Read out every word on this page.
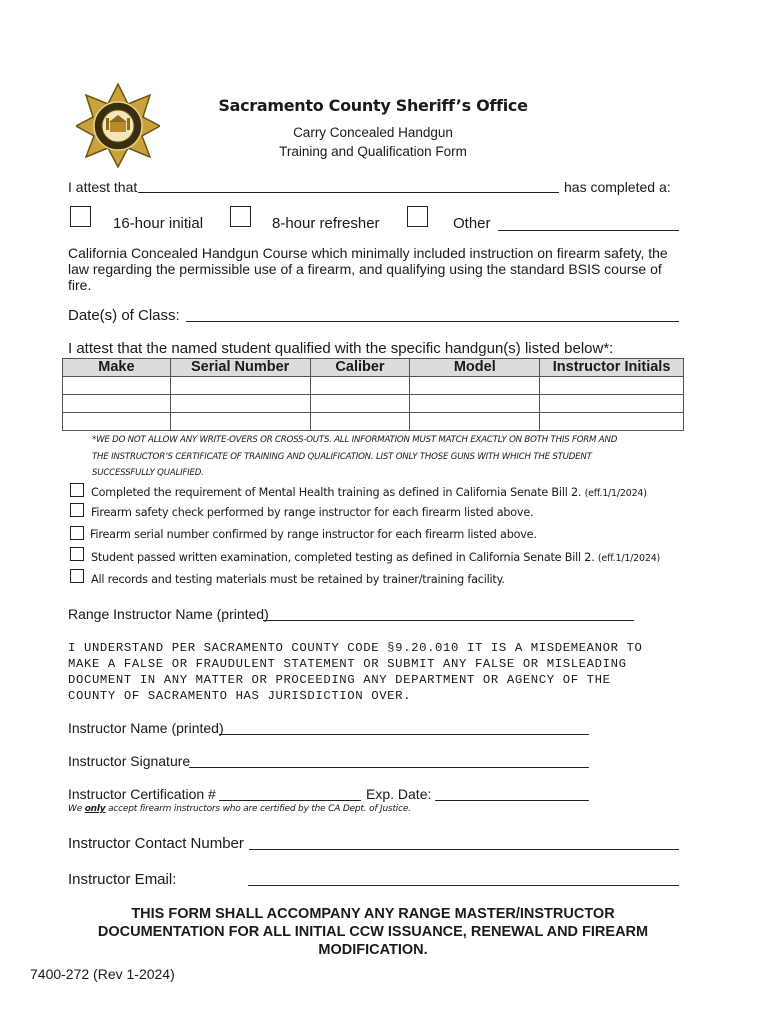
Sacramento County Sheriff’s Office
Carry Concealed Handgun
Training and Qualification Form
I attest that	has completed a:
16-hour initial	8-hour refresher	Other
California Concealed Handgun Course which minimally included instruction on firearm safety, the law regarding the permissible use of a firearm, and qualifying using the standard BSIS course of fire.
Date(s) of Class:
I attest that the named student qualified with the specific handgun(s) listed below*:
Make	Serial Number	Caliber	Model	Instructor Initials

*WE DO NOT ALLOW ANY WRITE-OVERS OR CROSS-OUTS. ALL INFORMATION MUST MATCH EXACTLY ON BOTH THIS FORM AND
THE INSTRUCTOR’S CERTIFICATE OF TRAINING AND QUALIFICATION. LIST ONLY THOSE GUNS WITH WHICH THE STUDENT
SUCCESSFULLY QUALIFIED.
Completed the requirement of Mental Health training as defined in California Senate Bill 2. (eff.1/1/2024)
Firearm safety check performed by range instructor for each firearm listed above.
Firearm serial number confirmed by range instructor for each firearm listed above.
Student passed written examination, completed testing as defined in California Senate Bill 2. (eff.1/1/2024)
All records and testing materials must be retained by trainer/training facility.
Range Instructor Name (printed)
I UNDERSTAND PER SACRAMENTO COUNTY CODE §9.20.010 IT IS A MISDEMEANOR TO
MAKE A FALSE OR FRAUDULENT STATEMENT OR SUBMIT ANY FALSE OR MISLEADING
DOCUMENT IN ANY MATTER OR PROCEEDING ANY DEPARTMENT OR AGENCY OF THE
COUNTY OF SACRAMENTO HAS JURISDICTION OVER.
Instructor Name (printed)
Instructor Signature
Instructor Certification #	Exp. Date:
We only accept firearm instructors who are certified by the CA Dept. of Justice.
Instructor Contact Number
Instructor Email:
THIS FORM SHALL ACCOMPANY ANY RANGE MASTER/INSTRUCTOR
DOCUMENTATION FOR ALL INITIAL CCW ISSUANCE, RENEWAL AND FIREARM
MODIFICATION.
7400-272 (Rev 1-2024)
